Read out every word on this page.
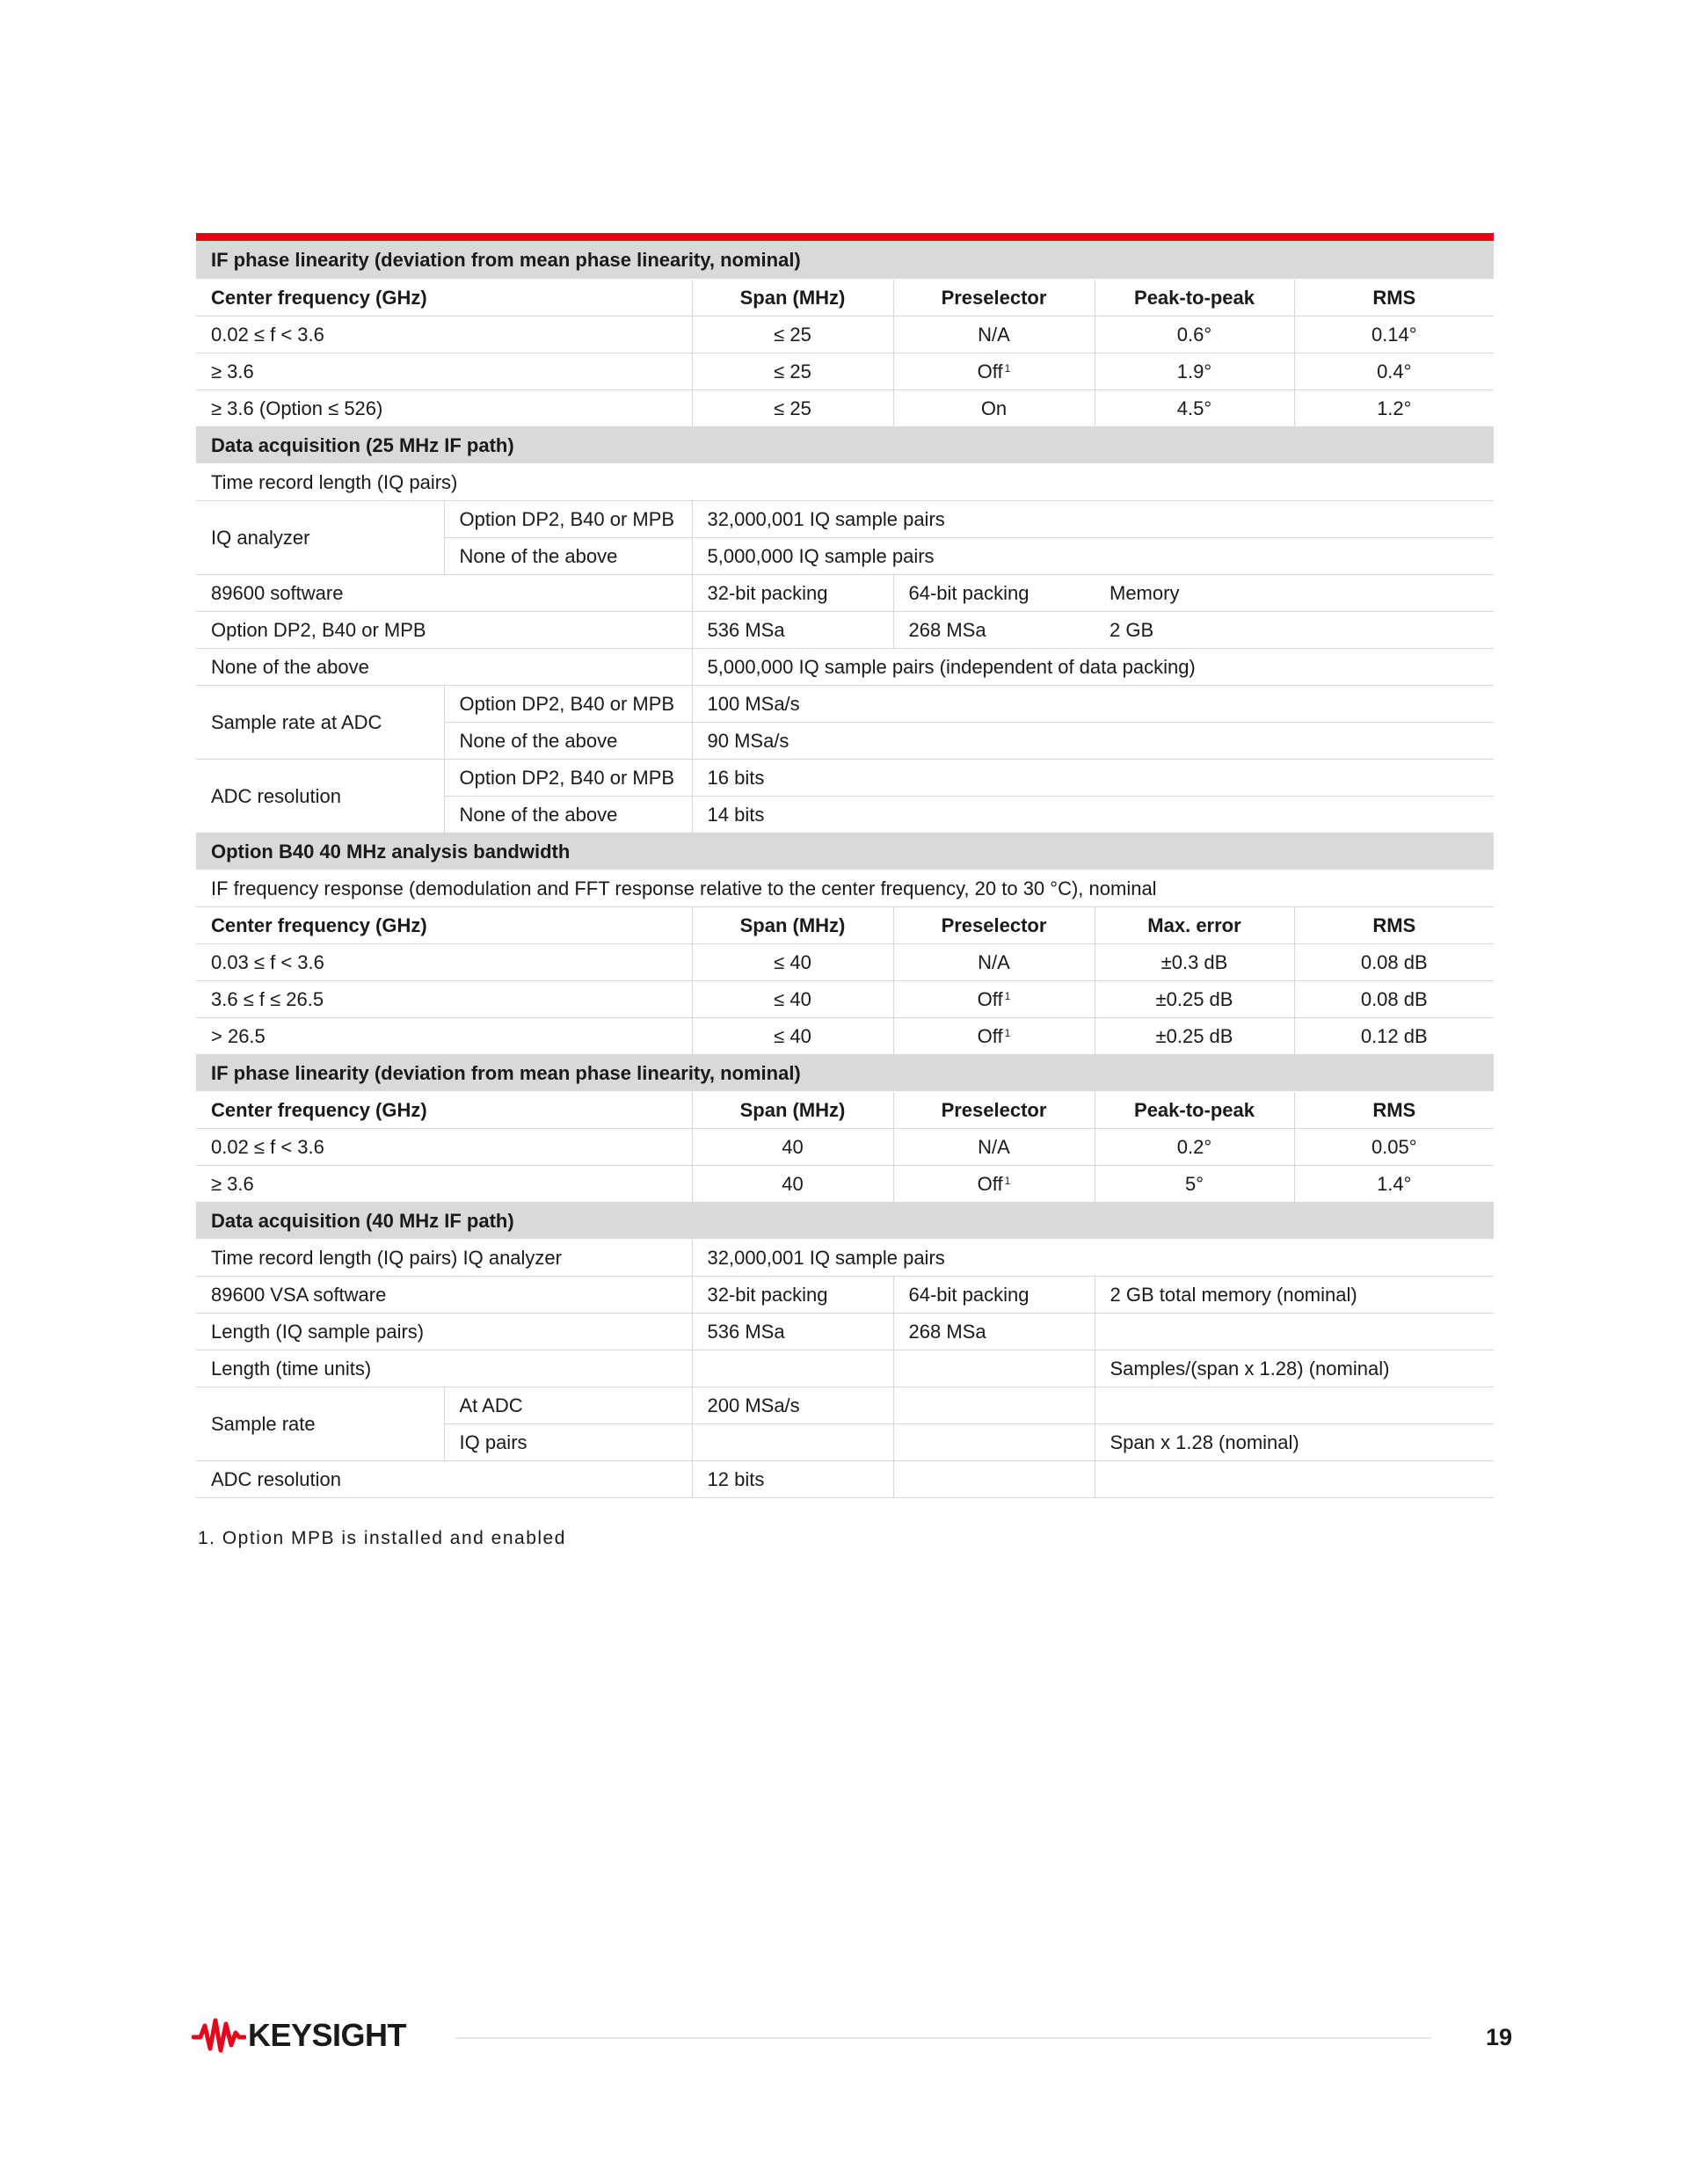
IF phase linearity (deviation from mean phase linearity, nominal)					
Center frequency (GHz)		Span (MHz)	Preselector	Peak-to-peak	RMS
0.02 ≤ f < 3.6		≤ 25	N/A	0.6°	0.14°
≥ 3.6		≤ 25	Off $^1$	1.9°	0.4°
≥ 3.6 (Option ≤ 526)		≤ 25	On	4.5°	1.2°
Data acquisition (25 MHz IF path)					
Time record length (IQ pairs)					
IQ analyzer	Option DP2, B40 or MPB	32,000,001 IQ sample pairs			
	None of the above	5,000,000 IQ sample pairs			
89600 software		32-bit packing	64-bit packing	Memory	
Option DP2, B40 or MPB		536 MSa	268 MSa	2 GB	
None of the above		5,000,000 IQ sample pairs (independent of data packing)			
Sample rate at ADC	Option DP2, B40 or MPB	100 MSa/s			
	None of the above	90 MSa/s			
ADC resolution	Option DP2, B40 or MPB	16 bits			
	None of the above	14 bits			
Option B40 40 MHz analysis bandwidth					
IF frequency response (demodulation and FFT response relative to the center frequency, 20 to 30 °C), nominal					
Center frequency (GHz)		Span (MHz)	Preselector	Max. error	RMS
0.03 ≤ f < 3.6		≤ 40	N/A	±0.3 dB	0.08 dB
3.6 ≤ f ≤ 26.5		≤ 40	Off $^1$	±0.25 dB	0.08 dB
> 26.5		≤ 40	Off $^1$	±0.25 dB	0.12 dB
IF phase linearity (deviation from mean phase linearity, nominal)					
Center frequency (GHz)		Span (MHz)	Preselector	Peak-to-peak	RMS
0.02 ≤ f < 3.6		40	N/A	0.2°	0.05°
≥ 3.6		40	Off $^1$	5°	1.4°
Data acquisition (40 MHz IF path)					
Time record length (IQ pairs) IQ analyzer		32,000,001 IQ sample pairs			
89600 VSA software		32-bit packing	64-bit packing	2 GB total memory (nominal)	
Length (IQ sample pairs)		536 MSa	268 MSa		
Length (time units)				Samples/(span x 1.28) (nominal)	
Sample rate	At ADC	200 MSa/s			
	IQ pairs			Span x 1.28 (nominal)	
ADC resolution		12 bits			
1. Option MPB is installed and enabled
KEYSIGHT	19
